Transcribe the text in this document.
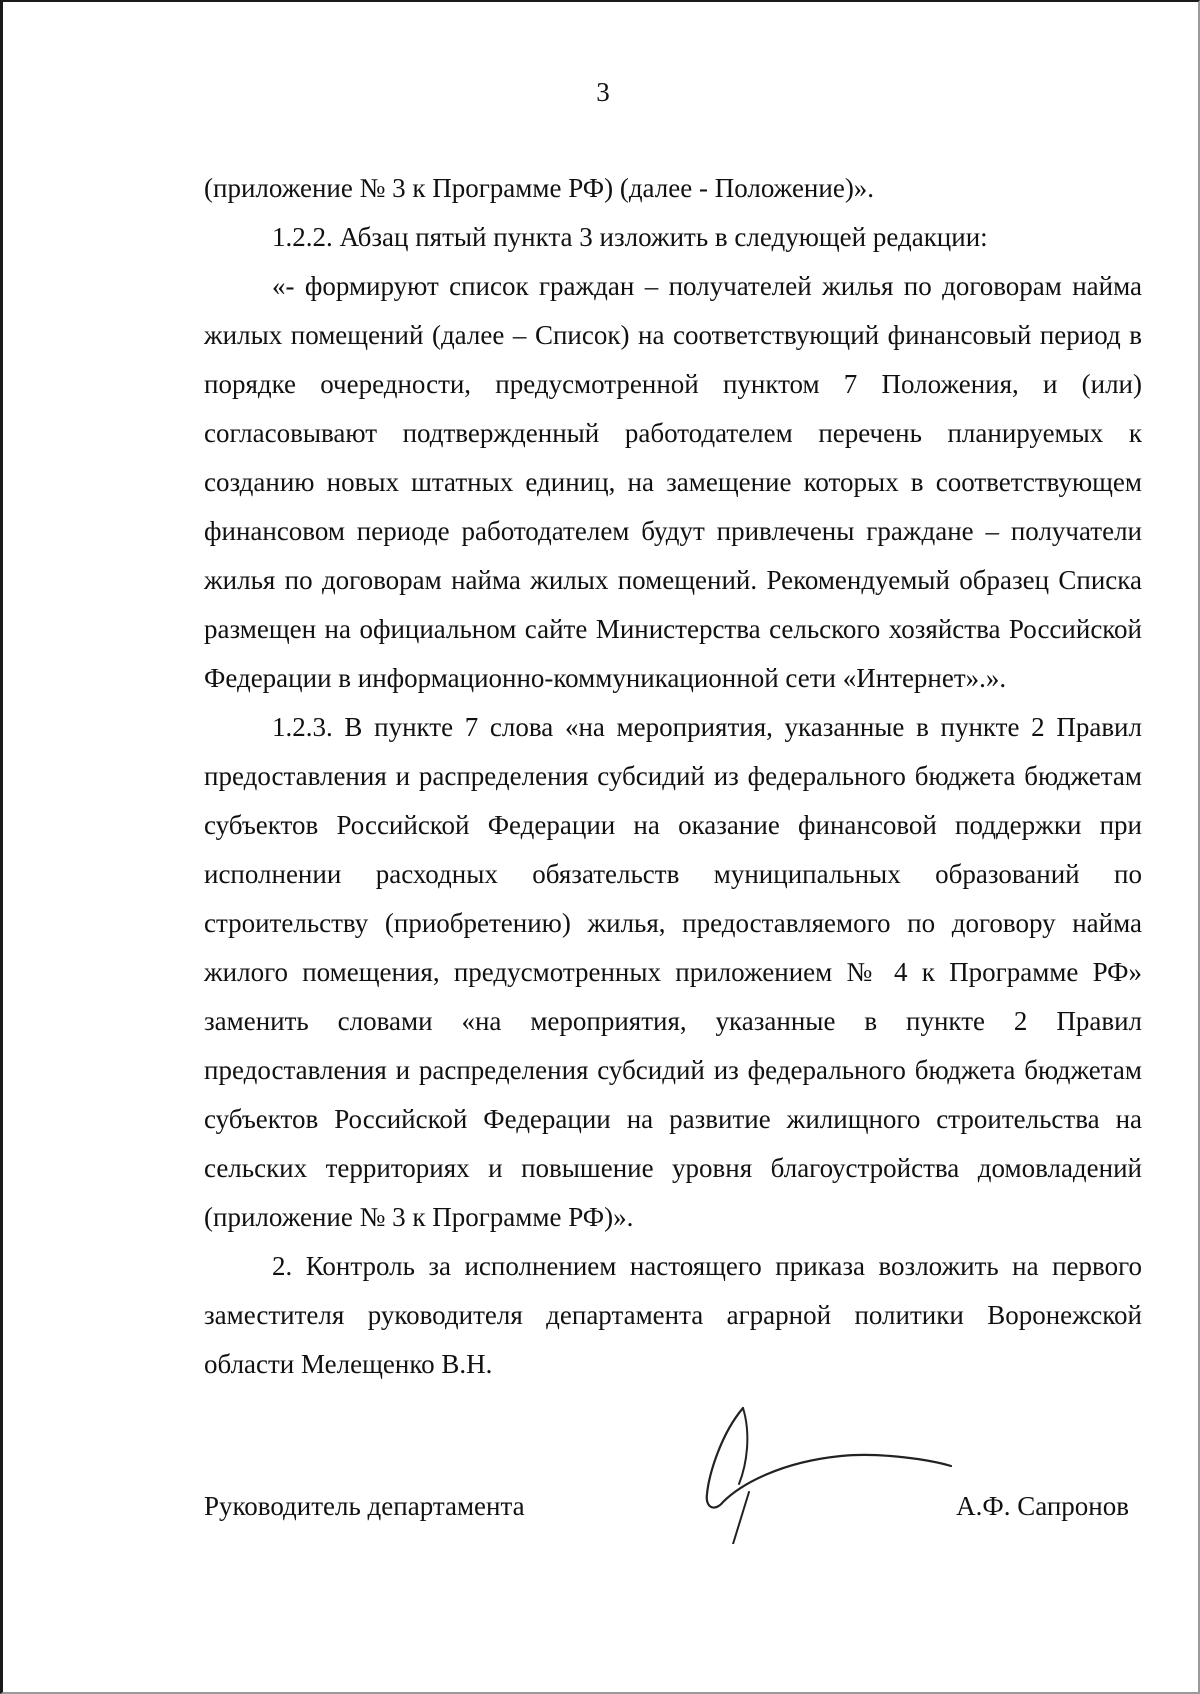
3

(приложение № 3 к Программе РФ) (далее - Положение)».

1.2.2. Абзац пятый пункта 3 изложить в следующей редакции:

«- формируют список граждан – получателей жилья по договорам найма жилых помещений (далее – Список) на соответствующий финансовый период в порядке очередности, предусмотренной пунктом 7 Положения, и (или) согласовывают подтвержденный работодателем перечень планируемых к созданию новых штатных единиц, на замещение которых в соответствующем финансовом периоде работодателем будут привлечены граждане – получатели жилья по договорам найма жилых помещений. Рекомендуемый образец Списка размещен на официальном сайте Министерства сельского хозяйства Российской Федерации в информационно-коммуникационной сети «Интернет».».

1.2.3. В пункте 7 слова «на мероприятия, указанные в пункте 2 Правил предоставления и распределения субсидий из федерального бюджета бюджетам субъектов Российской Федерации на оказание финансовой поддержки при исполнении расходных обязательств муниципальных образований по строительству (приобретению) жилья, предоставляемого по договору найма жилого помещения, предусмотренных приложением № 4 к Программе РФ» заменить словами «на мероприятия, указанные в пункте 2 Правил предоставления и распределения субсидий из федерального бюджета бюджетам субъектов Российской Федерации на развитие жилищного строительства на сельских территориях и повышение уровня благоустройства домовладений (приложение № 3 к Программе РФ)».

2. Контроль за исполнением настоящего приказа возложить на первого заместителя руководителя департамента аграрной политики Воронежской области Мелещенко В.Н.

Руководитель департамента	А.Ф. Сапронов
